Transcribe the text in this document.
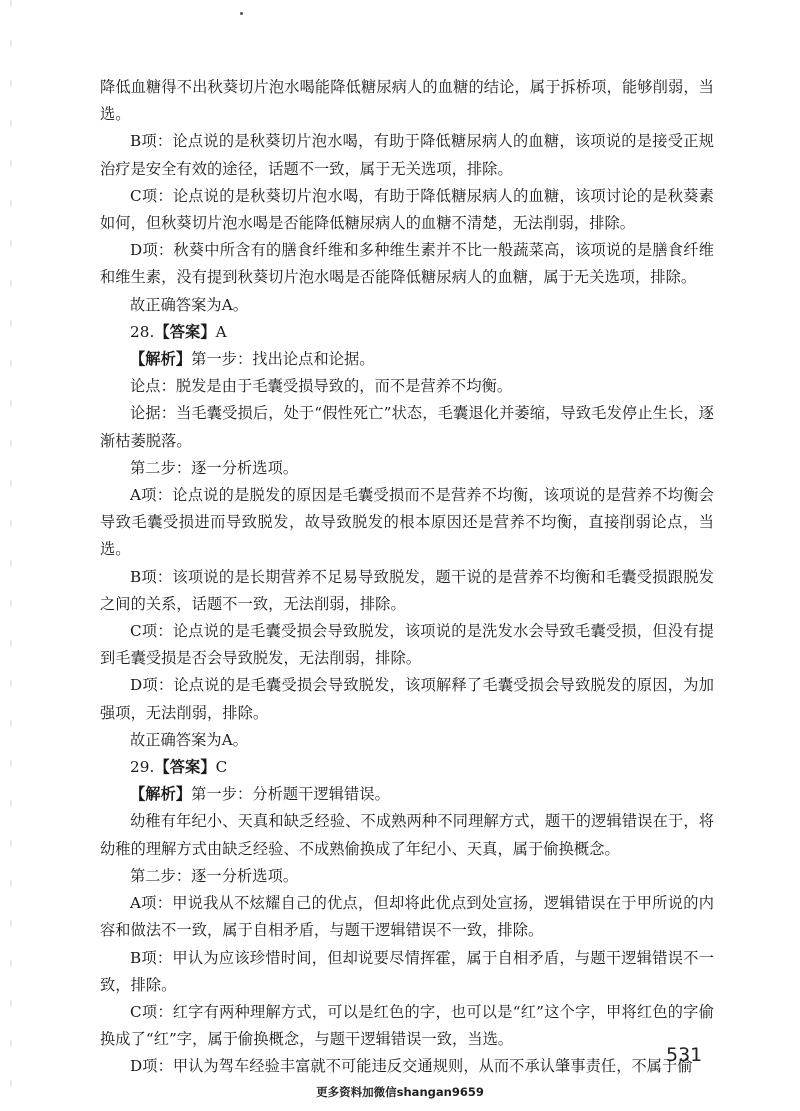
降低血糖得不出秋葵切片泡水喝能降低糖尿病人的血糖的结论，属于拆桥项，能够削弱，当选。

B项：论点说的是秋葵切片泡水喝，有助于降低糖尿病人的血糖，该项说的是接受正规治疗是安全有效的途径，话题不一致，属于无关选项，排除。

C项：论点说的是秋葵切片泡水喝，有助于降低糖尿病人的血糖，该项讨论的是秋葵素如何，但秋葵切片泡水喝是否能降低糖尿病人的血糖不清楚，无法削弱，排除。

D项：秋葵中所含有的膳食纤维和多种维生素并不比一般蔬菜高，该项说的是膳食纤维和维生素，没有提到秋葵切片泡水喝是否能降低糖尿病人的血糖，属于无关选项，排除。

故正确答案为A。

28.【答案】A

【解析】第一步：找出论点和论据。

论点：脱发是由于毛囊受损导致的，而不是营养不均衡。

论据：当毛囊受损后，处于“假性死亡”状态，毛囊退化并萎缩，导致毛发停止生长，逐渐枯萎脱落。

第二步：逐一分析选项。

A项：论点说的是脱发的原因是毛囊受损而不是营养不均衡，该项说的是营养不均衡会导致毛囊受损进而导致脱发，故导致脱发的根本原因还是营养不均衡，直接削弱论点，当选。

B项：该项说的是长期营养不足易导致脱发，题干说的是营养不均衡和毛囊受损跟脱发之间的关系，话题不一致，无法削弱，排除。

C项：论点说的是毛囊受损会导致脱发，该项说的是洗发水会导致毛囊受损，但没有提到毛囊受损是否会导致脱发，无法削弱，排除。

D项：论点说的是毛囊受损会导致脱发，该项解释了毛囊受损会导致脱发的原因，为加强项，无法削弱，排除。

故正确答案为A。

29.【答案】C

【解析】第一步：分析题干逻辑错误。

幼稚有年纪小、天真和缺乏经验、不成熟两种不同理解方式，题干的逻辑错误在于，将幼稚的理解方式由缺乏经验、不成熟偷换成了年纪小、天真，属于偷换概念。

第二步：逐一分析选项。

A项：甲说我从不炫耀自己的优点，但却将此优点到处宣扬，逻辑错误在于甲所说的内容和做法不一致，属于自相矛盾，与题干逻辑错误不一致，排除。

B项：甲认为应该珍惜时间，但却说要尽情挥霍，属于自相矛盾，与题干逻辑错误不一致，排除。

C项：红字有两种理解方式，可以是红色的字，也可以是“红”这个字，甲将红色的字偷换成了“红”字，属于偷换概念，与题干逻辑错误一致，当选。

D项：甲认为驾车经验丰富就不可能违反交通规则，从而不承认肇事责任，不属于偷

531
更多资料加微信shangan9659
